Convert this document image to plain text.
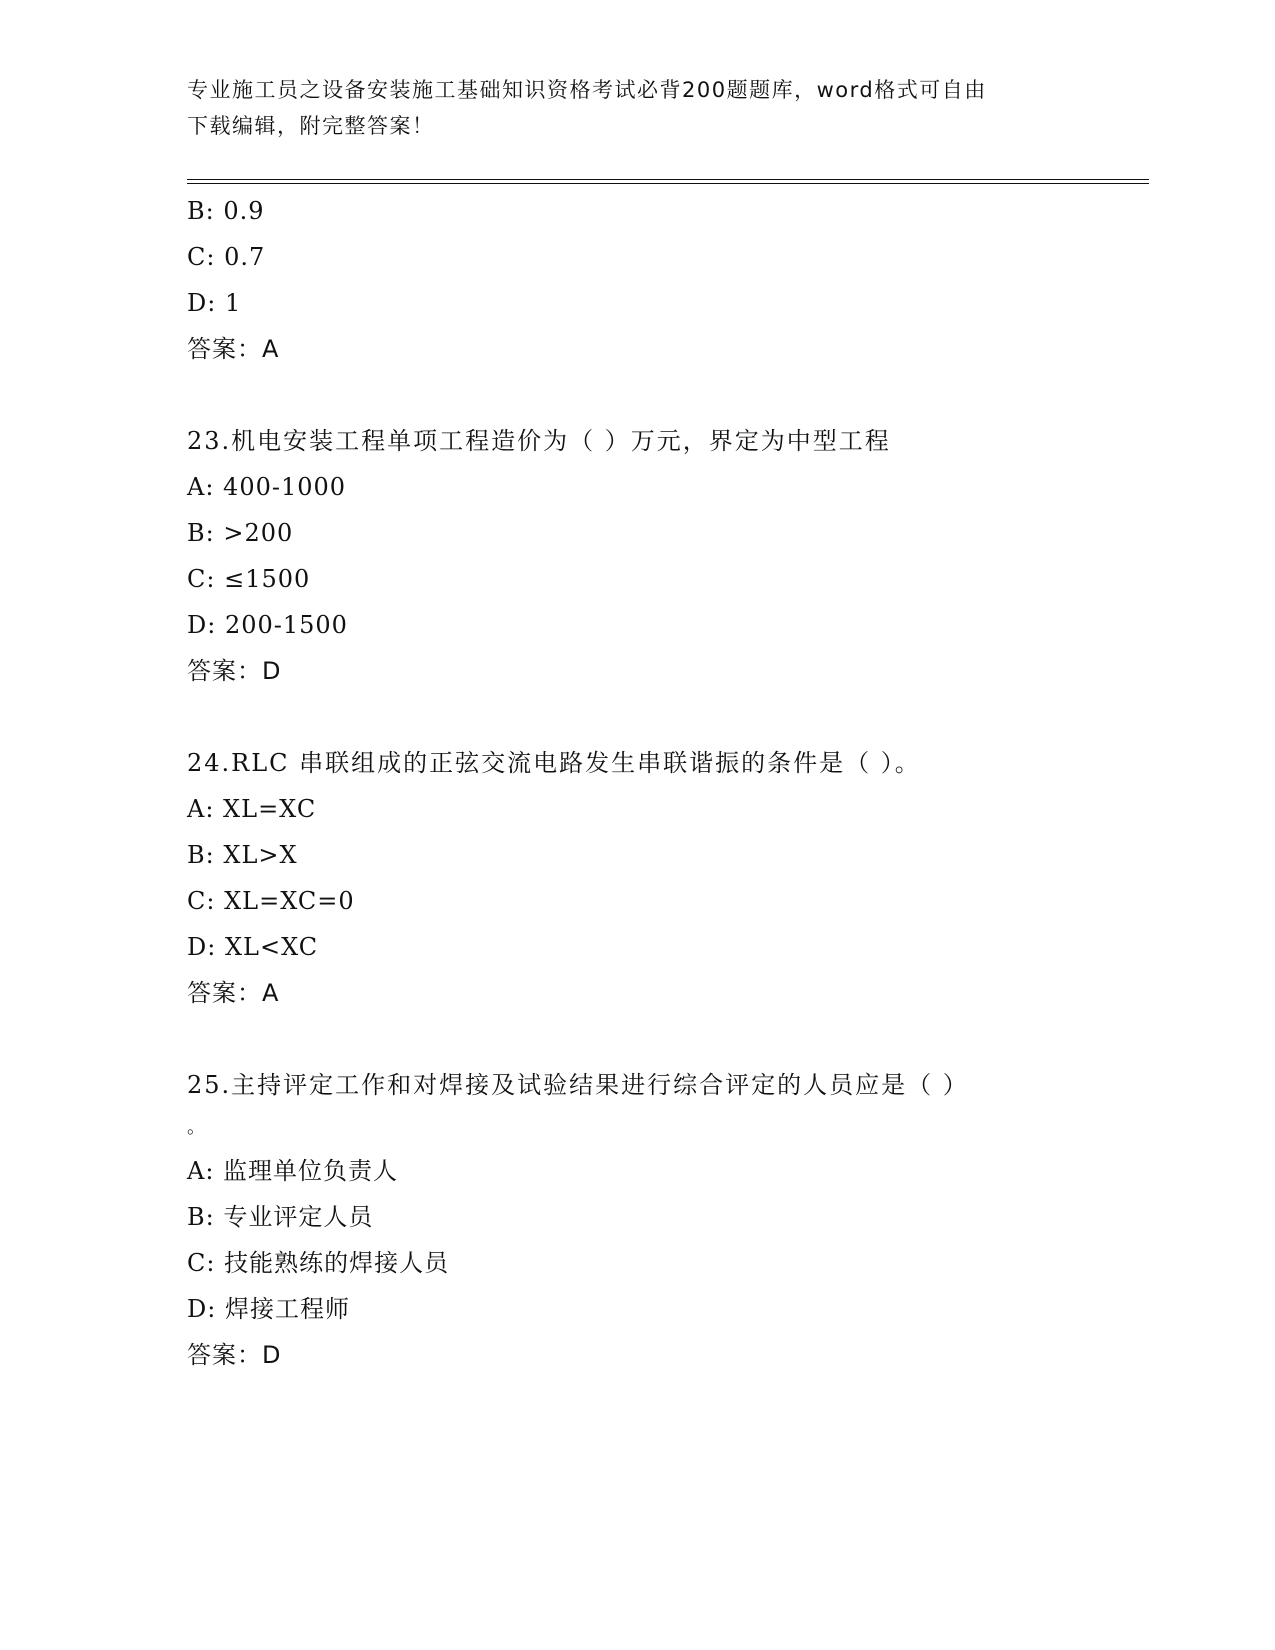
专业施工员之设备安装施工基础知识资格考试必背200题题库，word格式可自由
下载编辑，附完整答案！
B: 0.9
C: 0.7
D: 1
答案：A
23.机电安装工程单项工程造价为（ ）万元，界定为中型工程
A: 400-1000
B: >200
C: ≤1500
D: 200-1500
答案：D
24.RLC 串联组成的正弦交流电路发生串联谐振的条件是（ ）。
A: XL=XC
B: XL>X
C: XL=XC=0
D: XL<XC
答案：A
25.主持评定工作和对焊接及试验结果进行综合评定的人员应是（ ）
。
A: 监理单位负责人
B: 专业评定人员
C: 技能熟练的焊接人员
D: 焊接工程师
答案：D
